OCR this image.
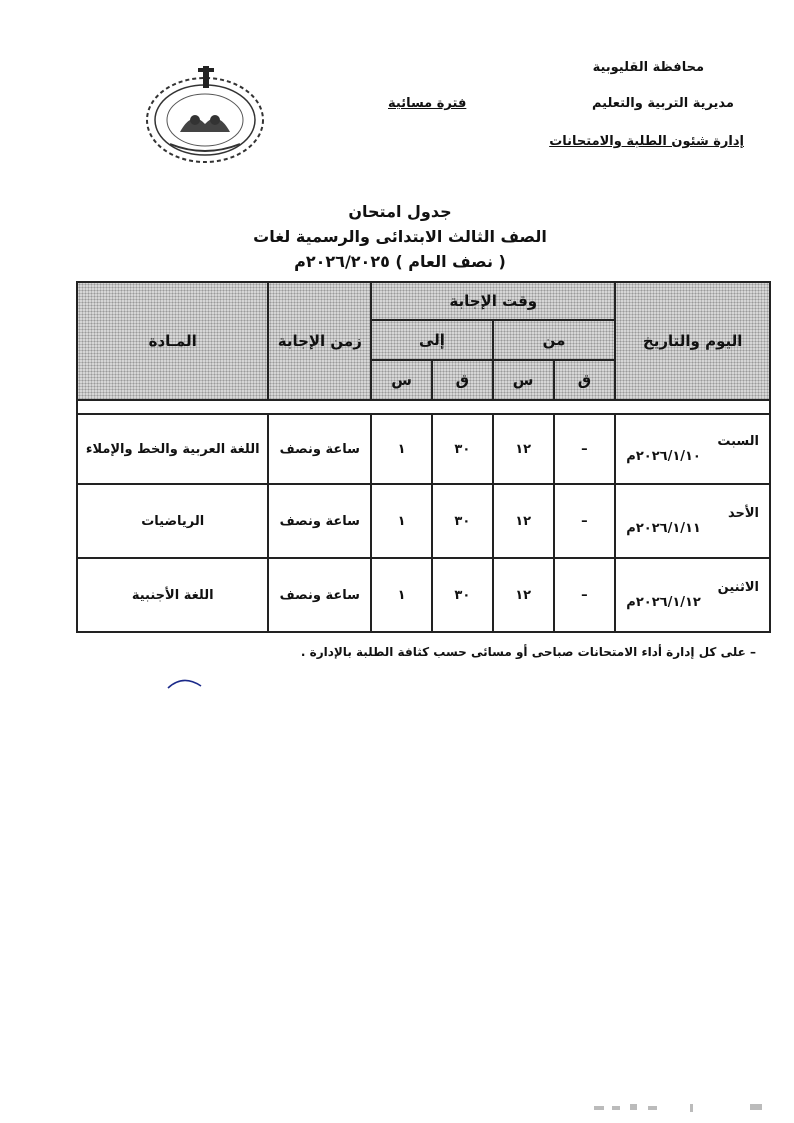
محافظة القليوبية
مديرية التربية والتعليم
إدارة شئون الطلبة والامتحانات
فترة مسائية
جدول امتحان
الصف الثالث الابتدائى والرسمية لغات
( نصف العام ) ٢٠٢٦/٢٠٢٥م
اليوم والتاريخ	وقت الإجابة				زمن الإجابة	المـادة
	من		إلى			
	ق	س	ق	س		

السبت
٢٠٢٦/١/١٠م	–	١٢	٣٠	١	ساعة ونصف	اللغة العربية والخط والإملاء

الأحد
٢٠٢٦/١/١١م	–	١٢	٣٠	١	ساعة ونصف	الرياضيات

الاثنين
٢٠٢٦/١/١٢م	–	١٢	٣٠	١	ساعة ونصف	اللغة الأجنبية
– على كل إدارة أداء الامتحانات صباحى أو مسائى حسب كثافة الطلبة بالإدارة .
